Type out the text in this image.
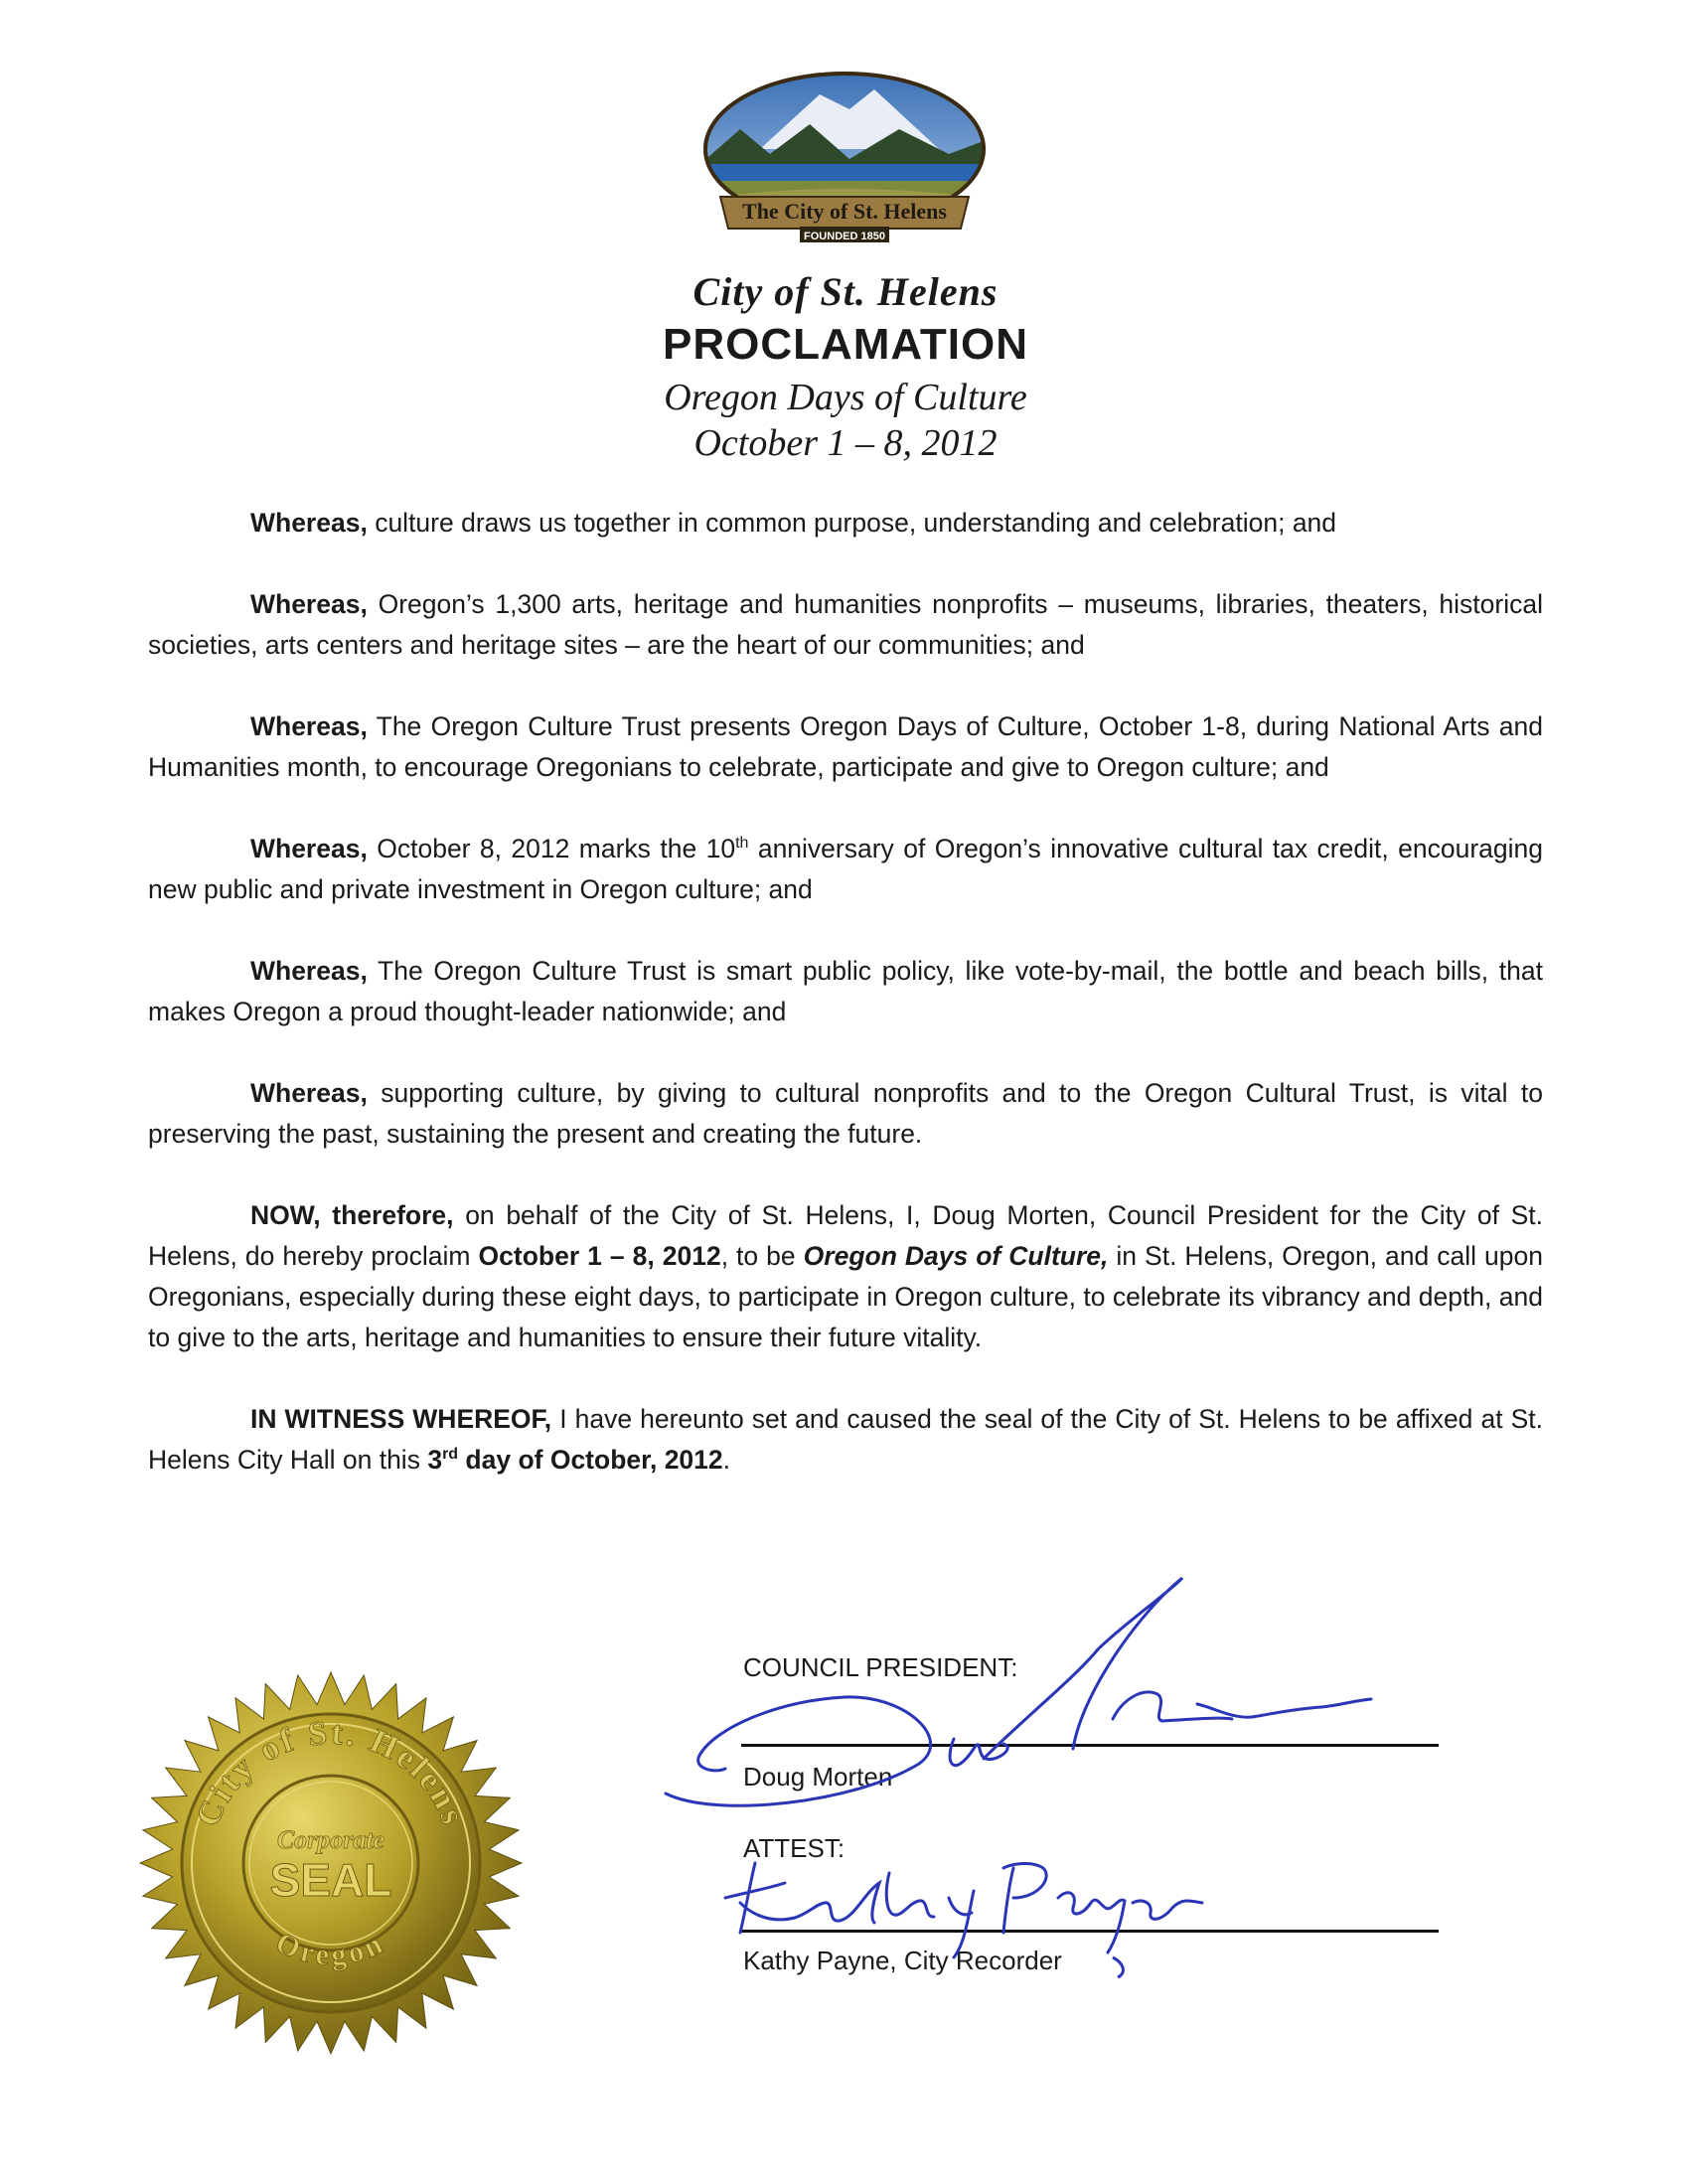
The City of St. Helens
FOUNDED 1850
City of St. Helens
PROCLAMATION
Oregon Days of Culture
October 1 – 8, 2012

Whereas, culture draws us together in common purpose, understanding and celebration; and

Whereas, Oregon’s 1,300 arts, heritage and humanities nonprofits – museums, libraries, theaters, historical societies, arts centers and heritage sites – are the heart of our communities; and

Whereas, The Oregon Culture Trust presents Oregon Days of Culture, October 1-8, during National Arts and Humanities month, to encourage Oregonians to celebrate, participate and give to Oregon culture; and

Whereas, October 8, 2012 marks the 10th anniversary of Oregon’s innovative cultural tax credit, encouraging new public and private investment in Oregon culture; and

Whereas, The Oregon Culture Trust is smart public policy, like vote-by-mail, the bottle and beach bills, that makes Oregon a proud thought-leader nationwide; and

Whereas, supporting culture, by giving to cultural nonprofits and to the Oregon Cultural Trust, is vital to preserving the past, sustaining the present and creating the future.

NOW, therefore, on behalf of the City of St. Helens, I, Doug Morten, Council President for the City of St. Helens, do hereby proclaim October 1 – 8, 2012, to be Oregon Days of Culture, in St. Helens, Oregon, and call upon Oregonians, especially during these eight days, to participate in Oregon culture, to celebrate its vibrancy and depth, and to give to the arts, heritage and humanities to ensure their future vitality.

IN WITNESS WHEREOF, I have hereunto set and caused the seal of the City of St. Helens to be affixed at St. Helens City Hall on this 3rd day of October, 2012.

COUNCIL PRESIDENT:
Doug Morten
ATTEST:
Kathy Payne, City Recorder
City of St. Helens
Oregon
Corporate
SEAL
